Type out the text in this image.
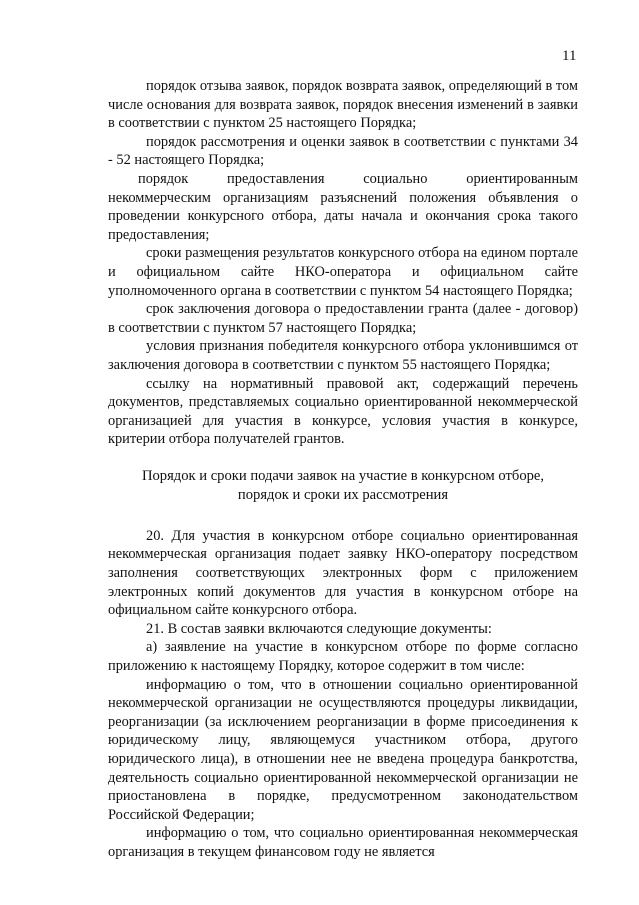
11

порядок отзыва заявок, порядок возврата заявок, определяющий в том числе основания для возврата заявок, порядок внесения изменений в заявки в соответствии с пунктом 25 настоящего Порядка;

порядок рассмотрения и оценки заявок в соответствии с пунктами 34 - 52 настоящего Порядка;

порядок предоставления социально ориентированным некоммерческим организациям разъяснений положения объявления о проведении конкурсного отбора, даты начала и окончания срока такого предоставления;

сроки размещения результатов конкурсного отбора на едином портале и официальном сайте НКО-оператора и официальном сайте уполномоченного органа в соответствии с пунктом 54 настоящего Порядка;

срок заключения договора о предоставлении гранта (далее - договор) в соответствии с пунктом 57 настоящего Порядка;

условия признания победителя конкурсного отбора уклонившимся от заключения договора в соответствии с пунктом 55 настоящего Порядка;

ссылку на нормативный правовой акт, содержащий перечень документов, представляемых социально ориентированной некоммерческой организацией для участия в конкурсе, условия участия в конкурсе, критерии отбора получателей грантов.

Порядок и сроки подачи заявок на участие в конкурсном отборе,
порядок и сроки их рассмотрения

20. Для участия в конкурсном отборе социально ориентированная некоммерческая организация подает заявку НКО-оператору посредством заполнения соответствующих электронных форм с приложением электронных копий документов для участия в конкурсном отборе на официальном сайте конкурсного отбора.

21. В состав заявки включаются следующие документы:

а) заявление на участие в конкурсном отборе по форме согласно приложению к настоящему Порядку, которое содержит в том числе:

информацию о том, что в отношении социально ориентированной некоммерческой организации не осуществляются процедуры ликвидации, реорганизации (за исключением реорганизации в форме присоединения к юридическому лицу, являющемуся участником отбора, другого юридического лица), в отношении нее не введена процедура банкротства, деятельность социально ориентированной некоммерческой организации не приостановлена в порядке, предусмотренном законодательством Российской Федерации;

информацию о том, что социально ориентированная некоммерческая организация в текущем финансовом году не является
